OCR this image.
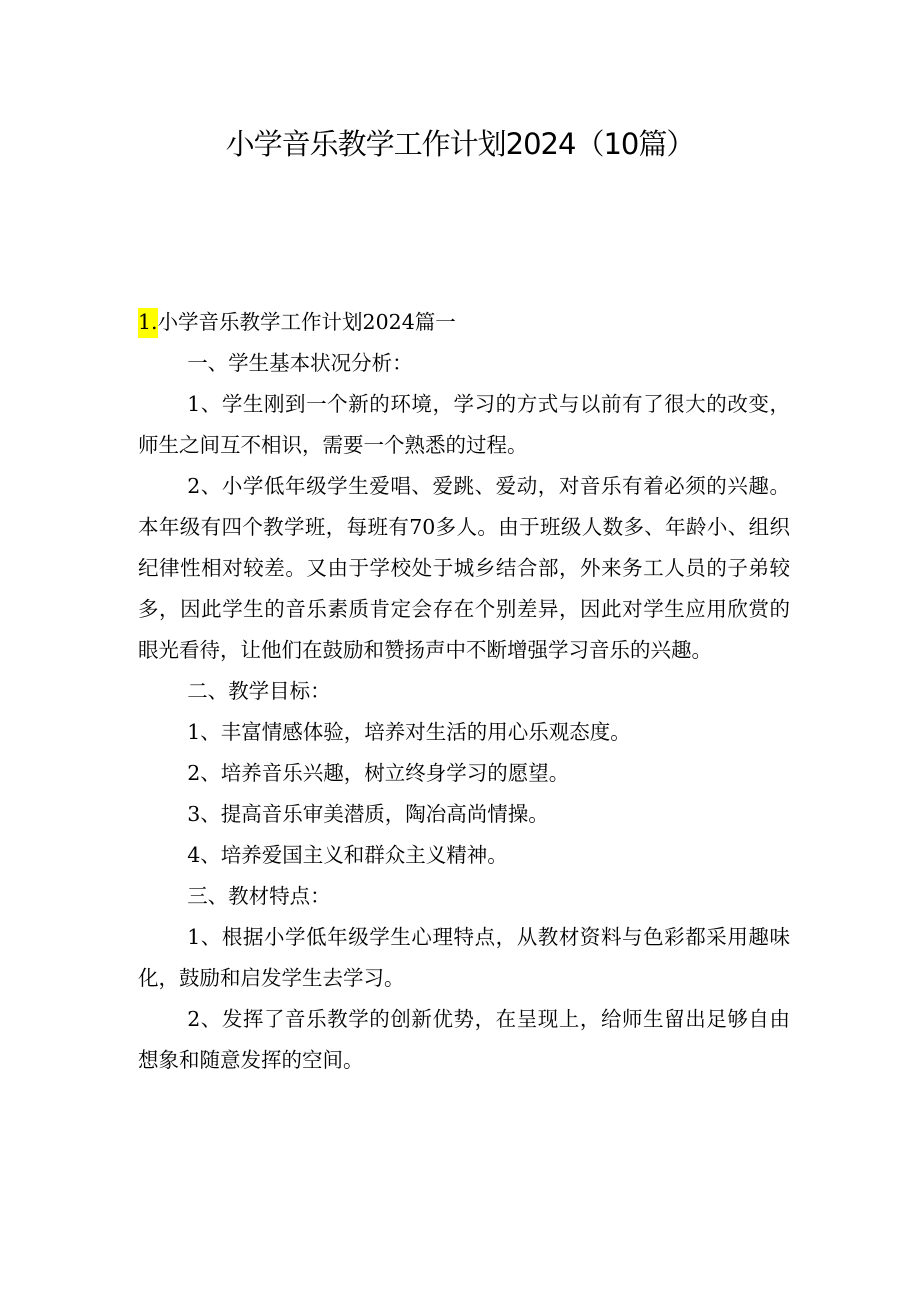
小学音乐教学工作计划2024（10篇）

1.小学音乐教学工作计划2024篇一

一、学生基本状况分析：

1、学生刚到一个新的环境，学习的方式与以前有了很大的改变，师生之间互不相识，需要一个熟悉的过程。

2、小学低年级学生爱唱、爱跳、爱动，对音乐有着必须的兴趣。本年级有四个教学班，每班有70多人。由于班级人数多、年龄小、组织纪律性相对较差。又由于学校处于城乡结合部，外来务工人员的子弟较多，因此学生的音乐素质肯定会存在个别差异，因此对学生应用欣赏的眼光看待，让他们在鼓励和赞扬声中不断增强学习音乐的兴趣。

二、教学目标：

1、丰富情感体验，培养对生活的用心乐观态度。

2、培养音乐兴趣，树立终身学习的愿望。

3、提高音乐审美潜质，陶冶高尚情操。

4、培养爱国主义和群众主义精神。

三、教材特点：

1、根据小学低年级学生心理特点，从教材资料与色彩都采用趣味化，鼓励和启发学生去学习。

2、发挥了音乐教学的创新优势，在呈现上，给师生留出足够自由想象和随意发挥的空间。
